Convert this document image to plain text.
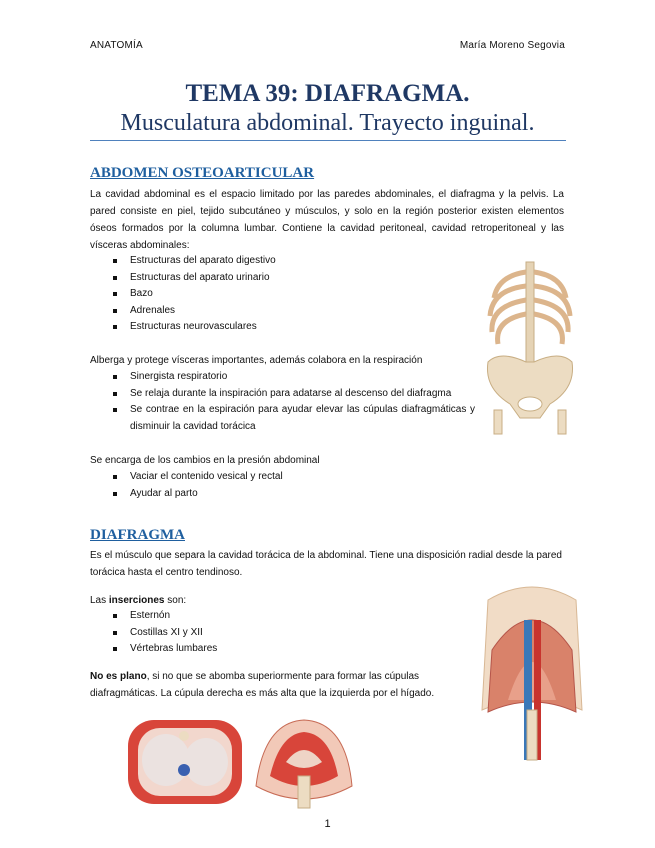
ANATOMÍA	María Moreno Segovia
TEMA 39: DIAFRAGMA.
Musculatura abdominal. Trayecto inguinal.
ABDOMEN OSTEOARTICULAR
La cavidad abdominal es el espacio limitado por las paredes abdominales, el diafragma y la pelvis. La pared consiste en piel, tejido subcutáneo y músculos, y solo en la región posterior existen elementos óseos formados por la columna lumbar. Contiene la cavidad peritoneal, cavidad retroperitoneal y las vísceras abdominales:
Estructuras del aparato digestivo
Estructuras del aparato urinario
Bazo
Adrenales
Estructuras neurovasculares
Alberga y protege vísceras importantes, además colabora en la respiración
Sinergista respiratorio
Se relaja durante la inspiración para adatarse al descenso del diafragma
Se contrae en la espiración para ayudar elevar las cúpulas diafragmáticas y disminuir la cavidad torácica
Se encarga de los cambios en la presión abdominal
Vaciar el contenido vesical y rectal
Ayudar al parto
DIAFRAGMA
Es el músculo que separa la cavidad torácica de la abdominal. Tiene una disposición radial desde la pared torácica hasta el centro tendinoso.
Las inserciones son:
Esternón
Costillas XI y XII
Vértebras lumbares
No es plano, si no que se abomba superiormente para formar las cúpulas diafragmáticas. La cúpula derecha es más alta que la izquierda por el hígado.
1
